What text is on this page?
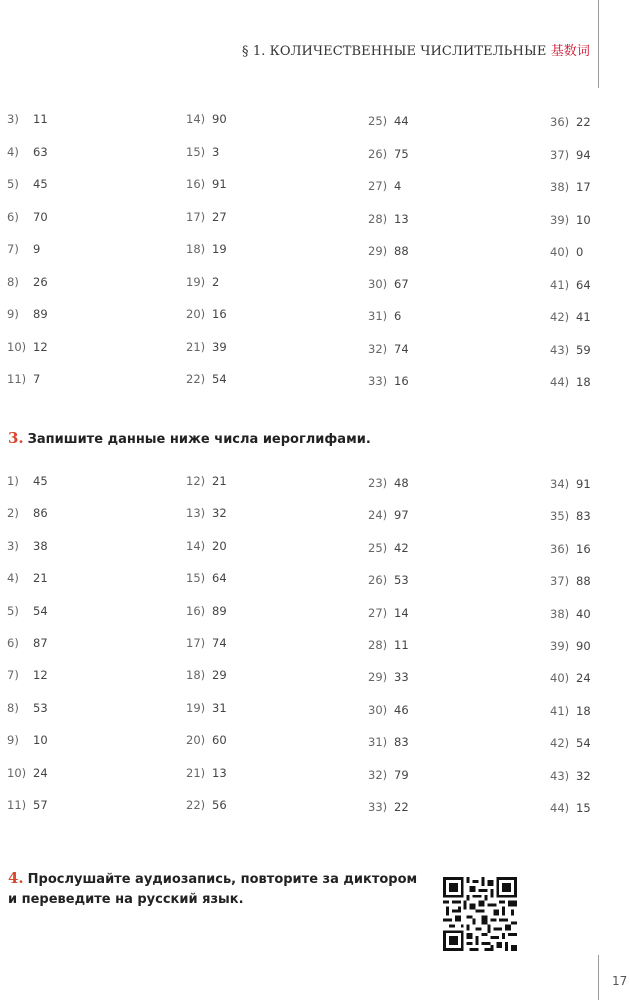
§ 1. КОЛИЧЕСТВЕННЫЕ ЧИСЛИТЕЛЬНЫЕ 基数词
3) 11
4) 63
5) 45
6) 70
7) 9
8) 26
9) 89
10) 12
11) 7
14) 90
15) 3
16) 91
17) 27
18) 19
19) 2
20) 16
21) 39
22) 54
25) 44
26) 75
27) 4
28) 13
29) 88
30) 67
31) 6
32) 74
33) 16
36) 22
37) 94
38) 17
39) 10
40) 0
41) 64
42) 41
43) 59
44) 18
3. Запишите данные ниже числа иероглифами.
1) 45
2) 86
3) 38
4) 21
5) 54
6) 87
7) 12
8) 53
9) 10
10) 24
11) 57
12) 21
13) 32
14) 20
15) 64
16) 89
17) 74
18) 29
19) 31
20) 60
21) 13
22) 56
23) 48
24) 97
25) 42
26) 53
27) 14
28) 11
29) 33
30) 46
31) 83
32) 79
33) 22
34) 91
35) 83
36) 16
37) 88
38) 40
39) 90
40) 24
41) 18
42) 54
43) 32
44) 15
4. Прослушайте аудиозапись, повторите за диктором
и переведите на русский язык.
17
